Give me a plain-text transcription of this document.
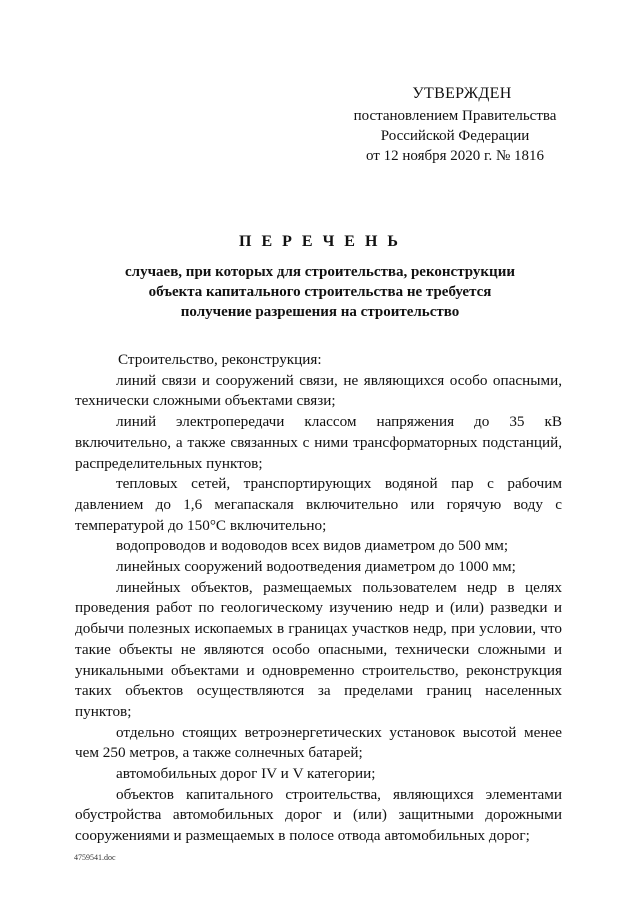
УТВЕРЖДЕН
постановлением Правительства
Российской Федерации
от 12 ноября 2020 г. № 1816
П Е Р Е Ч Е Н Ь
случаев, при которых для строительства, реконструкции
объекта капитального строительства не требуется
получение разрешения на строительство

Строительство, реконструкция:

линий связи и сооружений связи, не являющихся особо опасными, технически сложными объектами связи;

линий электропередачи классом напряжения до 35 кВ включительно, а также связанных с ними трансформаторных подстанций, распределительных пунктов;

тепловых сетей, транспортирующих водяной пар с рабочим давлением до 1,6 мегапаскаля включительно или горячую воду с температурой до 150°С включительно;

водопроводов и водоводов всех видов диаметром до 500 мм;

линейных сооружений водоотведения диаметром до 1000 мм;

линейных объектов, размещаемых пользователем недр в целях проведения работ по геологическому изучению недр и (или) разведки и добычи полезных ископаемых в границах участков недр, при условии, что такие объекты не являются особо опасными, технически сложными и уникальными объектами и одновременно строительство, реконструкция таких объектов осуществляются за пределами границ населенных пунктов;

отдельно стоящих ветроэнергетических установок высотой менее чем 250 метров, а также солнечных батарей;

автомобильных дорог IV и V категории;

объектов капитального строительства, являющихся элементами обустройства автомобильных дорог и (или) защитными дорожными сооружениями и размещаемых в полосе отвода автомобильных дорог;

4759541.doc
